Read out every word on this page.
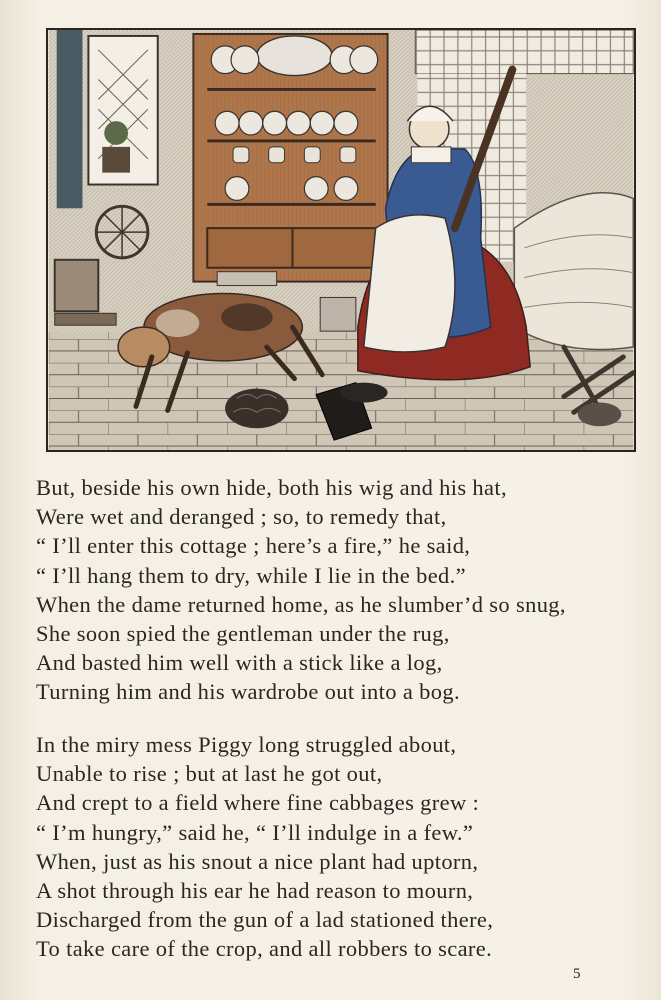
But, beside his own hide, both his wig and his hat,
Were wet and deranged ; so, to remedy that,
“ I’ll enter this cottage ; here’s a fire,” he said,
“ I’ll hang them to dry, while I lie in the bed.”
When the dame returned home, as he slumber’d so snug,
She soon spied the gentleman under the rug,
And basted him well with a stick like a log,
Turning him and his wardrobe out into a bog.
In the miry mess Piggy long struggled about,
Unable to rise ; but at last he got out,
And crept to a field where fine cabbages grew :
“ I’m hungry,” said he, “ I’ll indulge in a few.”
When, just as his snout a nice plant had uptorn,
A shot through his ear he had reason to mourn,
Discharged from the gun of a lad stationed there,
To take care of the crop, and all robbers to scare.
5
